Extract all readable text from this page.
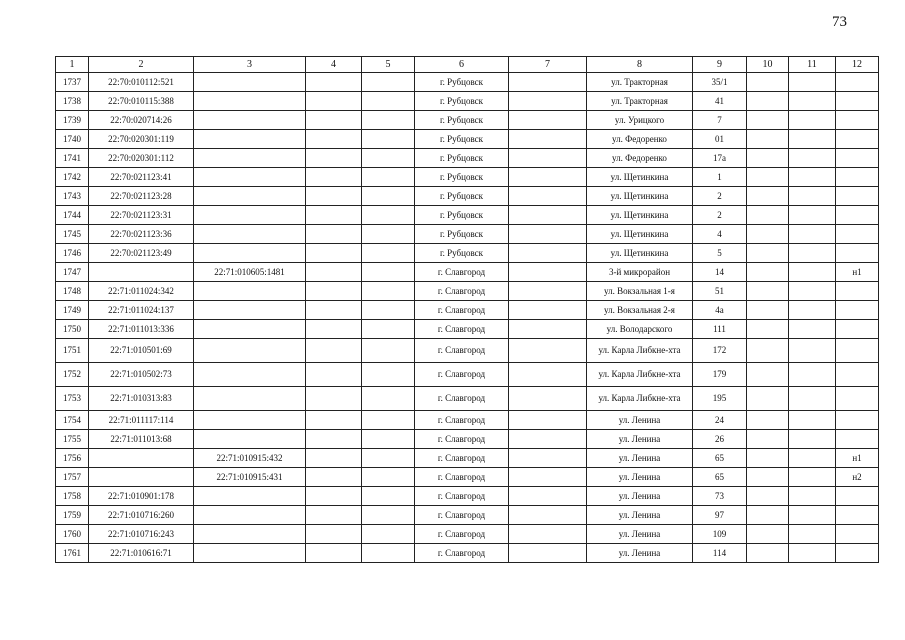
73
1	2	3	4	5	6	7	8	9	10	11	12
1737	22:70:010112:521				г. Рубцовск		ул. Тракторная	35/1			
1738	22:70:010115:388				г. Рубцовск		ул. Тракторная	41			
1739	22:70:020714:26				г. Рубцовск		ул. Урицкого	7			
1740	22:70:020301:119				г. Рубцовск		ул. Федоренко	01			
1741	22:70:020301:112				г. Рубцовск		ул. Федоренко	17а			
1742	22:70:021123:41				г. Рубцовск		ул. Щетинкина	1			
1743	22:70:021123:28				г. Рубцовск		ул. Щетинкина	2			
1744	22:70:021123:31				г. Рубцовск		ул. Щетинкина	2			
1745	22:70:021123:36				г. Рубцовск		ул. Щетинкина	4			
1746	22:70:021123:49				г. Рубцовск		ул. Щетинкина	5			
1747		22:71:010605:1481			г. Славгород		3-й микрорайон	14			н1
1748	22:71:011024:342				г. Славгород		ул. Вокзальная 1-я	51			
1749	22:71:011024:137				г. Славгород		ул. Вокзальная 2-я	4а			
1750	22:71:011013:336				г. Славгород		ул. Володарского	111			
1751	22:71:010501:69				г. Славгород		ул. Карла Либкне-хта	172			
1752	22:71:010502:73				г. Славгород		ул. Карла Либкне-хта	179			
1753	22:71:010313:83				г. Славгород		ул. Карла Либкне-хта	195			
1754	22:71:011117:114				г. Славгород		ул. Ленина	24			
1755	22:71:011013:68				г. Славгород		ул. Ленина	26			
1756		22:71:010915:432			г. Славгород		ул. Ленина	65			н1
1757		22:71:010915:431			г. Славгород		ул. Ленина	65			н2
1758	22:71:010901:178				г. Славгород		ул. Ленина	73			
1759	22:71:010716:260				г. Славгород		ул. Ленина	97			
1760	22:71:010716:243				г. Славгород		ул. Ленина	109			
1761	22:71:010616:71				г. Славгород		ул. Ленина	114			
